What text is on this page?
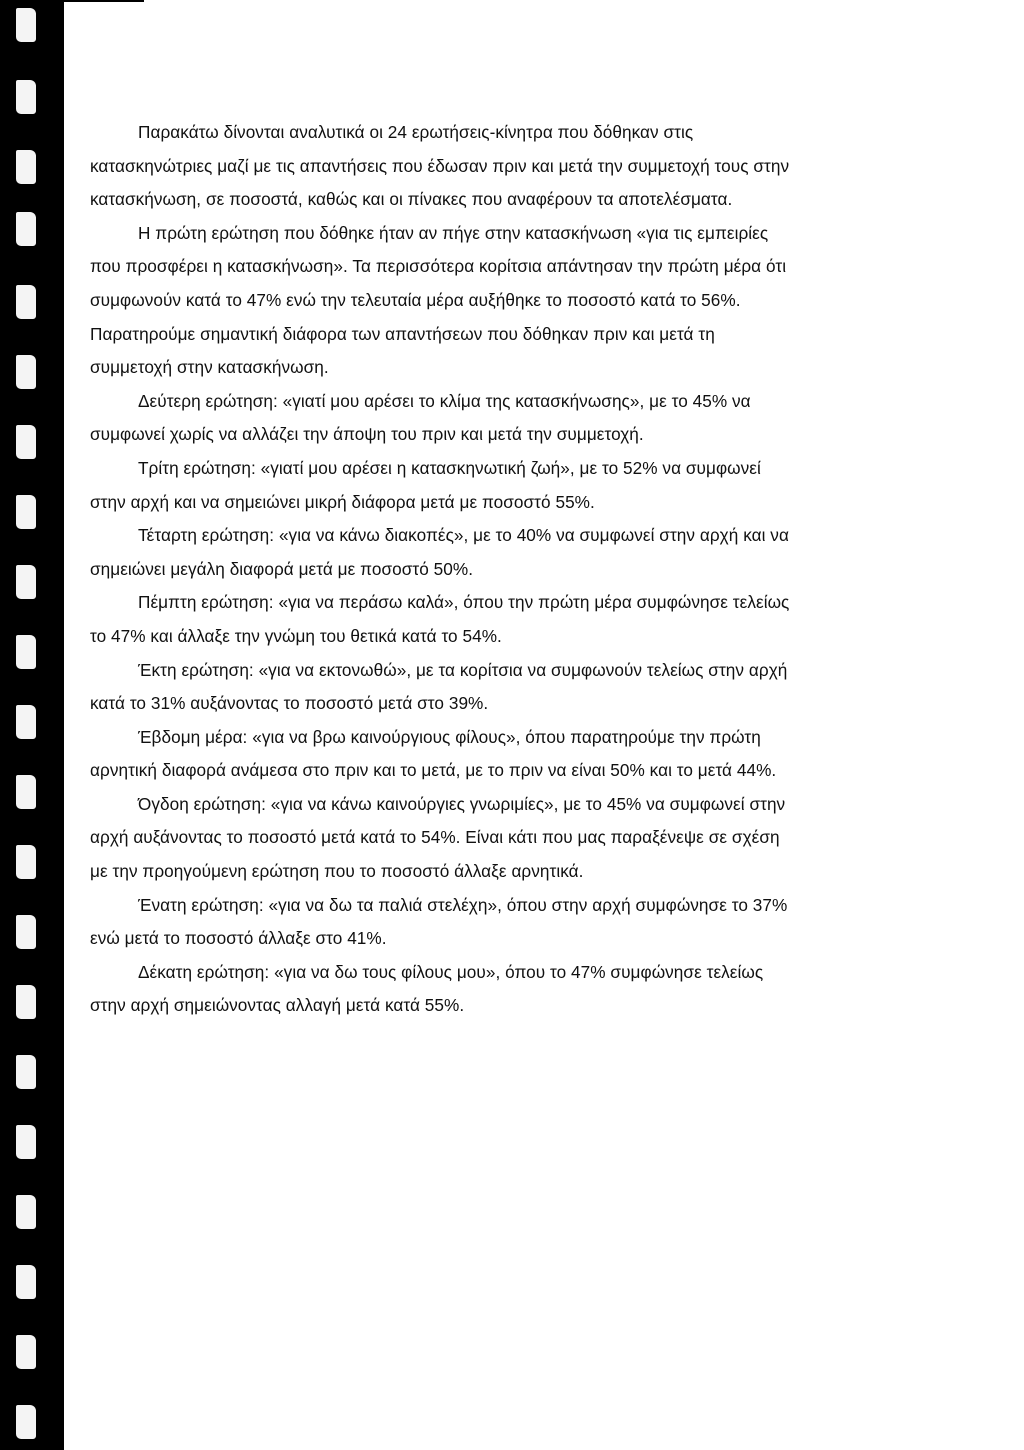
Παρακάτω δίνονται αναλυτικά οι 24 ερωτήσεις-κίνητρα που δόθηκαν στις κατασκηνώτριες μαζί με τις απαντήσεις που έδωσαν πριν και μετά την συμμετοχή τους στην κατασκήνωση, σε ποσοστά, καθώς και οι πίνακες που αναφέρουν τα αποτελέσματα.

Η πρώτη ερώτηση που δόθηκε ήταν αν πήγε στην κατασκήνωση «για τις εμπειρίες που προσφέρει η κατασκήνωση». Τα περισσότερα κορίτσια απάντησαν την πρώτη μέρα ότι συμφωνούν κατά το 47% ενώ την τελευταία μέρα αυξήθηκε το ποσοστό κατά το 56%. Παρατηρούμε σημαντική διάφορα των απαντήσεων που δόθηκαν πριν και μετά τη συμμετοχή στην κατασκήνωση.

Δεύτερη ερώτηση: «γιατί μου αρέσει το κλίμα της κατασκήνωσης», με το 45% να συμφωνεί χωρίς να αλλάζει την άποψη του πριν και μετά την συμμετοχή.

Τρίτη ερώτηση: «γιατί μου αρέσει η κατασκηνωτική ζωή», με το 52% να συμφωνεί στην αρχή και να σημειώνει μικρή διάφορα μετά με ποσοστό 55%.

Τέταρτη ερώτηση: «για να κάνω διακοπές», με το 40% να συμφωνεί στην αρχή και να σημειώνει μεγάλη διαφορά μετά με ποσοστό 50%.

Πέμπτη ερώτηση: «για να περάσω καλά», όπου την πρώτη μέρα συμφώνησε τελείως το 47% και άλλαξε την γνώμη του θετικά κατά το 54%.

Έκτη ερώτηση: «για να εκτονωθώ», με τα κορίτσια να συμφωνούν τελείως στην αρχή κατά το 31% αυξάνοντας το ποσοστό μετά στο 39%.

Έβδομη μέρα: «για να βρω καινούργιους φίλους», όπου παρατηρούμε την πρώτη αρνητική διαφορά ανάμεσα στο πριν και το μετά, με το πριν να είναι 50% και το μετά 44%.

Όγδοη ερώτηση: «για να κάνω καινούργιες γνωριμίες», με το 45% να συμφωνεί στην αρχή αυξάνοντας το ποσοστό μετά κατά το 54%. Είναι κάτι που μας παραξένεψε σε σχέση με την προηγούμενη ερώτηση που το ποσοστό άλλαξε αρνητικά.

Ένατη ερώτηση: «για να δω τα παλιά στελέχη», όπου στην αρχή συμφώνησε το 37% ενώ μετά το ποσοστό άλλαξε στο 41%.

Δέκατη ερώτηση: «για να δω τους φίλους μου», όπου το 47% συμφώνησε τελείως στην αρχή σημειώνοντας αλλαγή μετά κατά 55%.
